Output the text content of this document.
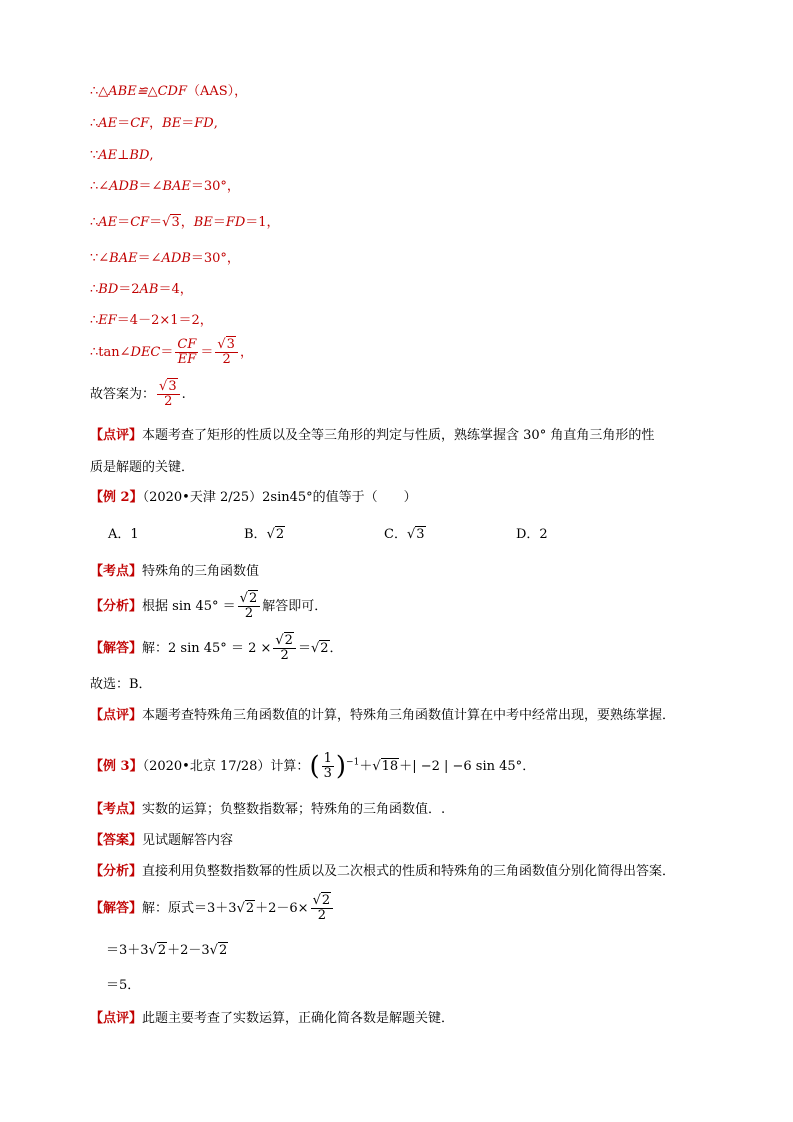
∴△ABE≌△CDF（AAS），
∴AE＝CF，BE＝FD,
∵AE⊥BD,
∴∠ADB＝∠BAE＝30°，
∴AE＝CF＝√3，BE＝FD＝1，
∵∠BAE＝∠ADB＝30°，
∴BD＝2AB＝4，
∴EF＝4－2×1＝2，
∴tan∠DEC＝ $\frac{CF}{EF} = \frac{√3}{2}$ ，
故答案为： $\frac{√3}{2}$ .
【点评】本题考查了矩形的性质以及全等三角形的判定与性质，熟练掌握含 30° 角直角三角形的性
质是解题的关键．
【例 2】（2020•天津 2/25）2sin45°的值等于（　　）
A．1	B．√2	C．√3	D．2
【考点】特殊角的三角函数值
【分析】根据 $\sin 45^\circ = \frac{√2}{2}$ 解答即可．
【解答】解：2 $\sin 45^\circ = 2 \times \frac{√2}{2} =√2$．
故选：B．
【点评】本题考查特殊角三角函数值的计算，特殊角三角函数值计算在中考中经常出现，要熟练掌握．
【例 3】（2020•北京 17/28）计算：( $\frac{1}{3} )^{-1}+√18+| -2$ | −6 sin 45°．
【考点】实数的运算；负整数指数幂；特殊角的三角函数值．.
【答案】见试题解答内容
【分析】直接利用负整数指数幂的性质以及二次根式的性质和特殊角的三角函数值分别化简得出答案．
【解答】解：原式$=3+3√2+2-6\times \frac{√2}{2}$
＝3＋3√2＋2－3√2
＝5．
【点评】此题主要考查了实数运算，正确化简各数是解题关键．
